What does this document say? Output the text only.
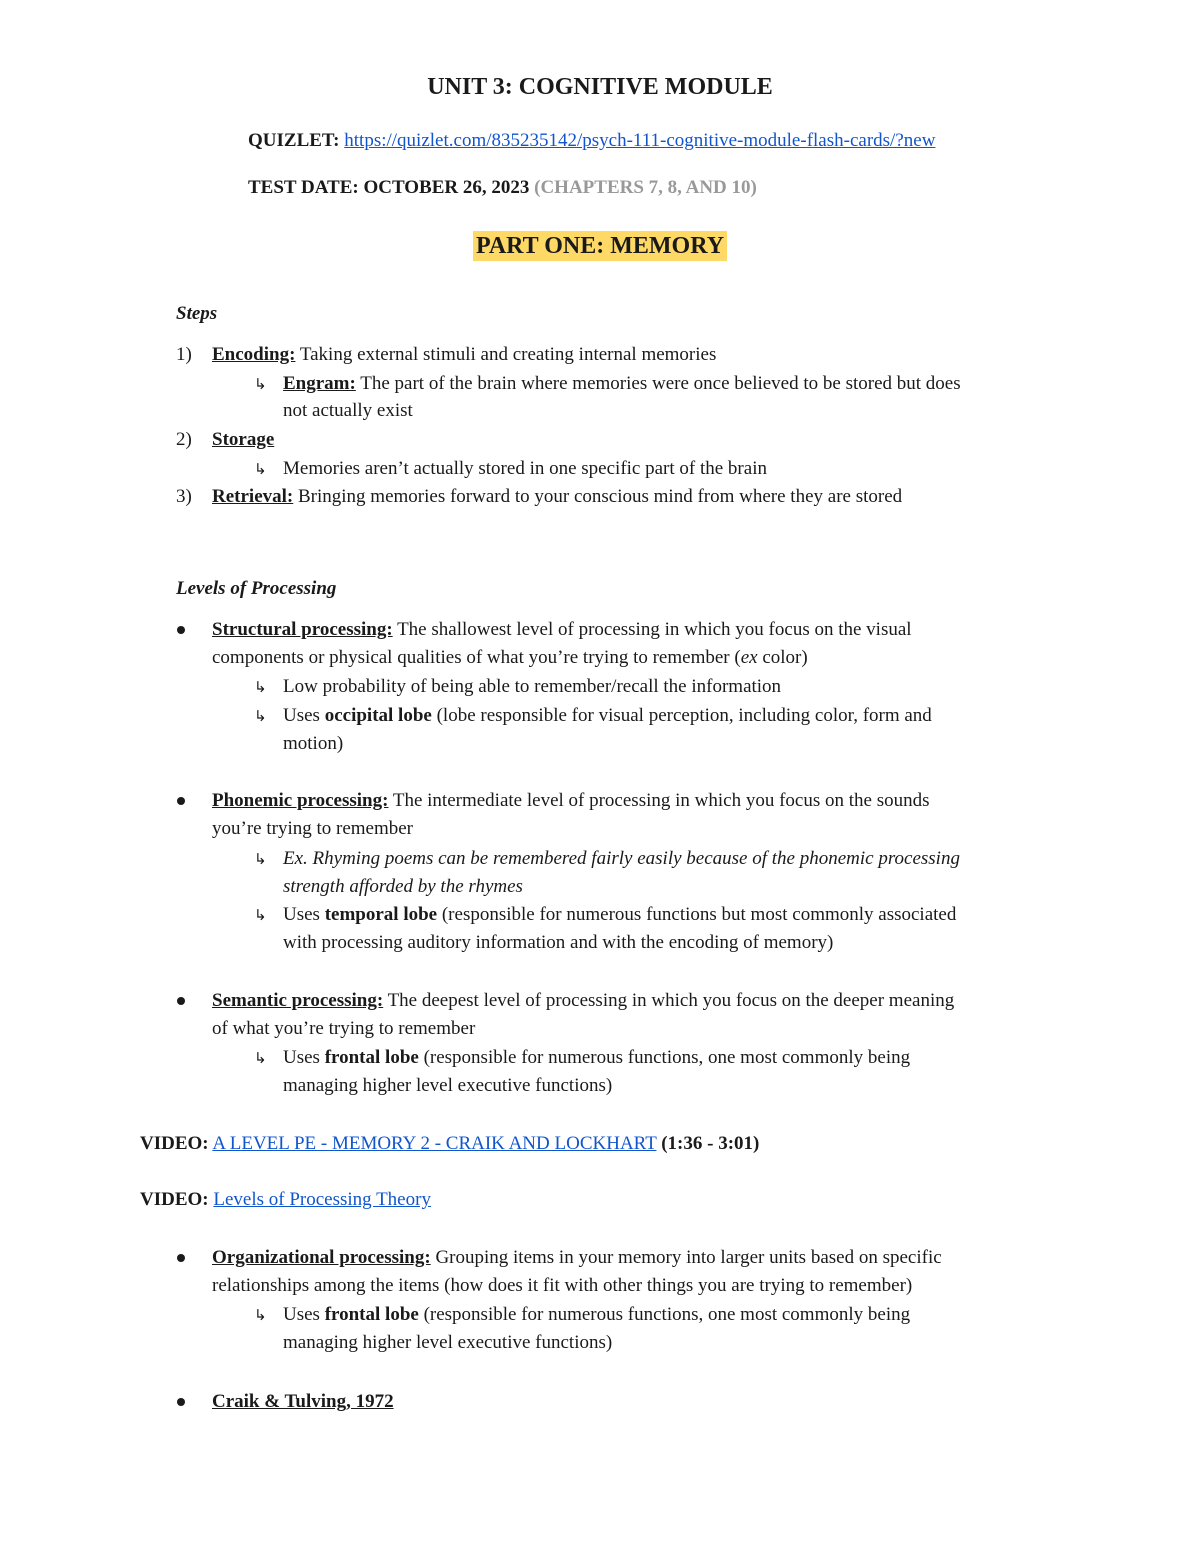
UNIT 3: COGNITIVE MODULE
QUIZLET: https://quizlet.com/835235142/psych-111-cognitive-module-flash-cards/?new
TEST DATE: OCTOBER 26, 2023 (CHAPTERS 7, 8, AND 10)
PART ONE: MEMORY
Steps
1) Encoding: Taking external stimuli and creating internal memories
↳ Engram: The part of the brain where memories were once believed to be stored but does
not actually exist
2) Storage
↳ Memories aren’t actually stored in one specific part of the brain
3) Retrieval: Bringing memories forward to your conscious mind from where they are stored
Levels of Processing
Structural processing: The shallowest level of processing in which you focus on the visual
components or physical qualities of what you’re trying to remember (ex color)
↳ Low probability of being able to remember/recall the information
↳ Uses occipital lobe (lobe responsible for visual perception, including color, form and
motion)
Phonemic processing: The intermediate level of processing in which you focus on the sounds
you’re trying to remember
↳ Ex. Rhyming poems can be remembered fairly easily because of the phonemic processing
strength afforded by the rhymes
↳ Uses temporal lobe (responsible for numerous functions but most commonly associated
with processing auditory information and with the encoding of memory)
Semantic processing: The deepest level of processing in which you focus on the deeper meaning
of what you’re trying to remember
↳ Uses frontal lobe (responsible for numerous functions, one most commonly being
managing higher level executive functions)
VIDEO: A LEVEL PE - MEMORY 2 - CRAIK AND LOCKHART (1:36 - 3:01)
VIDEO: Levels of Processing Theory
Organizational processing: Grouping items in your memory into larger units based on specific
relationships among the items (how does it fit with other things you are trying to remember)
↳ Uses frontal lobe (responsible for numerous functions, one most commonly being
managing higher level executive functions)
Craik & Tulving, 1972
